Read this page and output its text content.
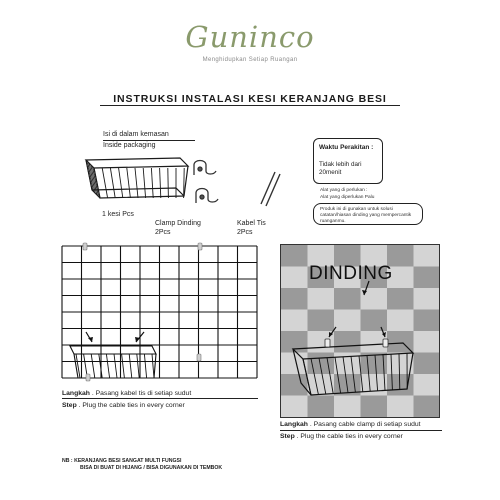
Guninco
Menghidupkan Setiap Ruangan
INSTRUKSI INSTALASI KESI KERANJANG BESI
Isi di dalam kemasan
Inside packaging
1 kesi Pcs
Clamp Dinding
2Pcs
Kabel Tis
2Pcs
Waktu Perakitan :
Tidak lebih dari 20menit
Alat yang di perlukan :
Alat yang diperlukan Palu
Produk ini di gunakan untuk solusi catatan/hiasan dinding yang mempercantik ruanganmu.
Langkah . Pasang kabel tis di setiap sudut
Step . Plug the cable ties in every corner
DINDING
Langkah . Pasang cable clamp di setiap sudut
Step . Plug the cable ties in every corner
NB : KERANJANG BESI SANGAT MULTI FUNGSI
BISA DI BUAT DI HIJANG / BISA DIGUNAKAN DI TEMBOK
